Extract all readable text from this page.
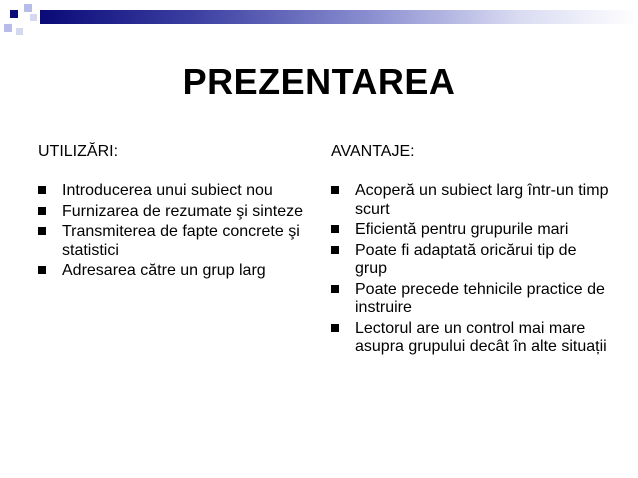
PREZENTAREA
UTILIZĂRI:
Introducerea unui subiect nou
Furnizarea de rezumate şi sinteze
Transmiterea de fapte concrete şi statistici
Adresarea către un grup larg
AVANTAJE:
Acoperă un subiect larg într-un timp scurt
Eficientă pentru grupurile mari
Poate fi adaptată oricărui tip de grup
Poate precede tehnicile practice de instruire
Lectorul are un control mai mare asupra grupului decât în alte situații
